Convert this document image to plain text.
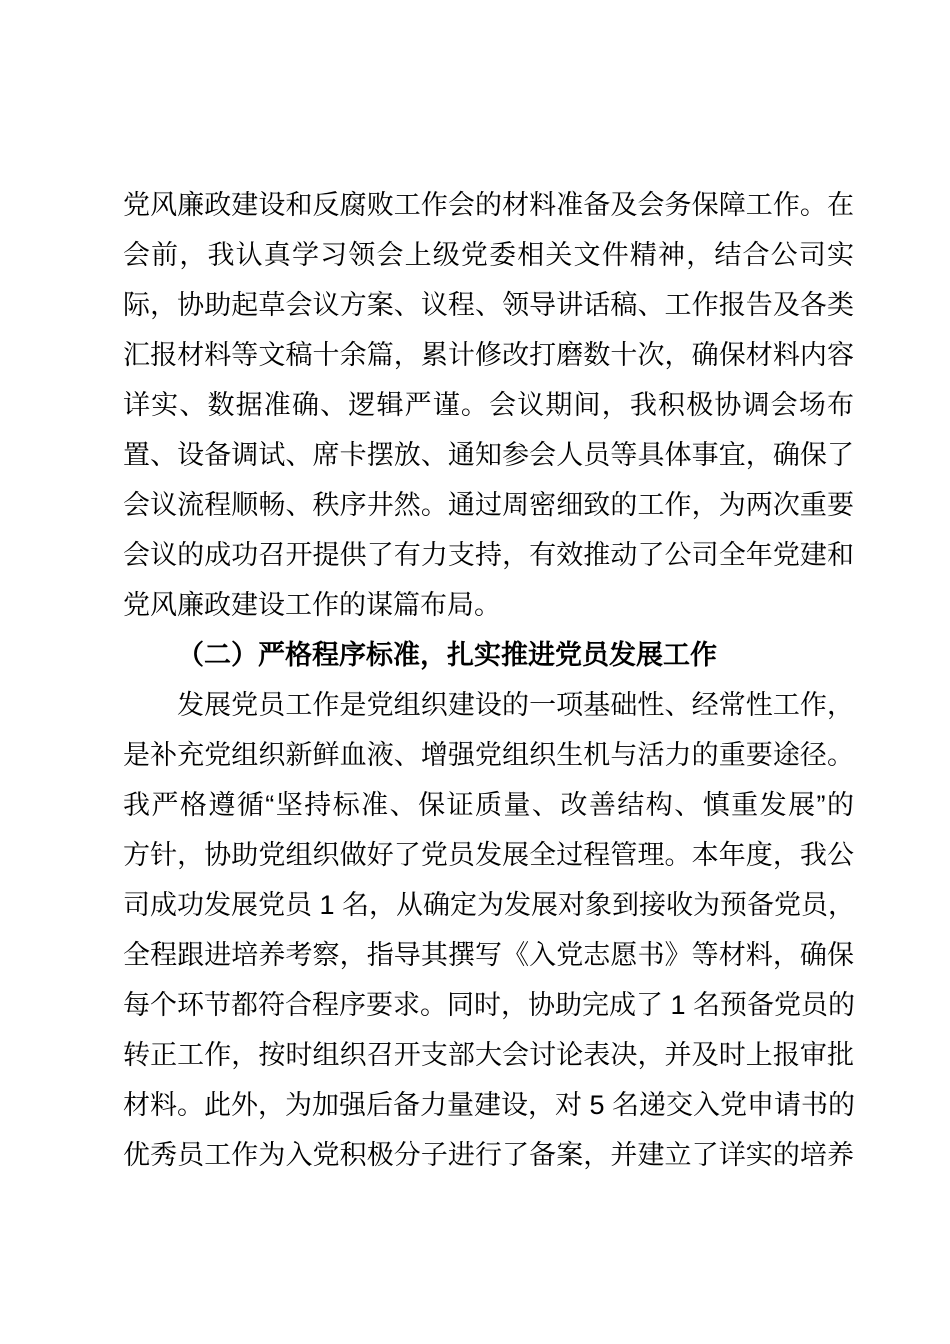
党风廉政建设和反腐败工作会的材料准备及会务保障工作。在
会前，我认真学习领会上级党委相关文件精神，结合公司实
际，协助起草会议方案、议程、领导讲话稿、工作报告及各类
汇报材料等文稿十余篇，累计修改打磨数十次，确保材料内容
详实、数据准确、逻辑严谨。会议期间，我积极协调会场布
置、设备调试、席卡摆放、通知参会人员等具体事宜，确保了
会议流程顺畅、秩序井然。通过周密细致的工作，为两次重要
会议的成功召开提供了有力支持，有效推动了公司全年党建和
党风廉政建设工作的谋篇布局。
（二）严格程序标准，扎实推进党员发展工作
发展党员工作是党组织建设的一项基础性、经常性工作，
是补充党组织新鲜血液、增强党组织生机与活力的重要途径。
我严格遵循“坚持标准、保证质量、改善结构、慎重发展”的
方针，协助党组织做好了党员发展全过程管理。本年度，我公
司成功发展党员 1 名，从确定为发展对象到接收为预备党员，
全程跟进培养考察，指导其撰写《入党志愿书》等材料，确保
每个环节都符合程序要求。同时，协助完成了 1 名预备党员的
转正工作，按时组织召开支部大会讨论表决，并及时上报审批
材料。此外，为加强后备力量建设，对 5 名递交入党申请书的
优秀员工作为入党积极分子进行了备案，并建立了详实的培养
